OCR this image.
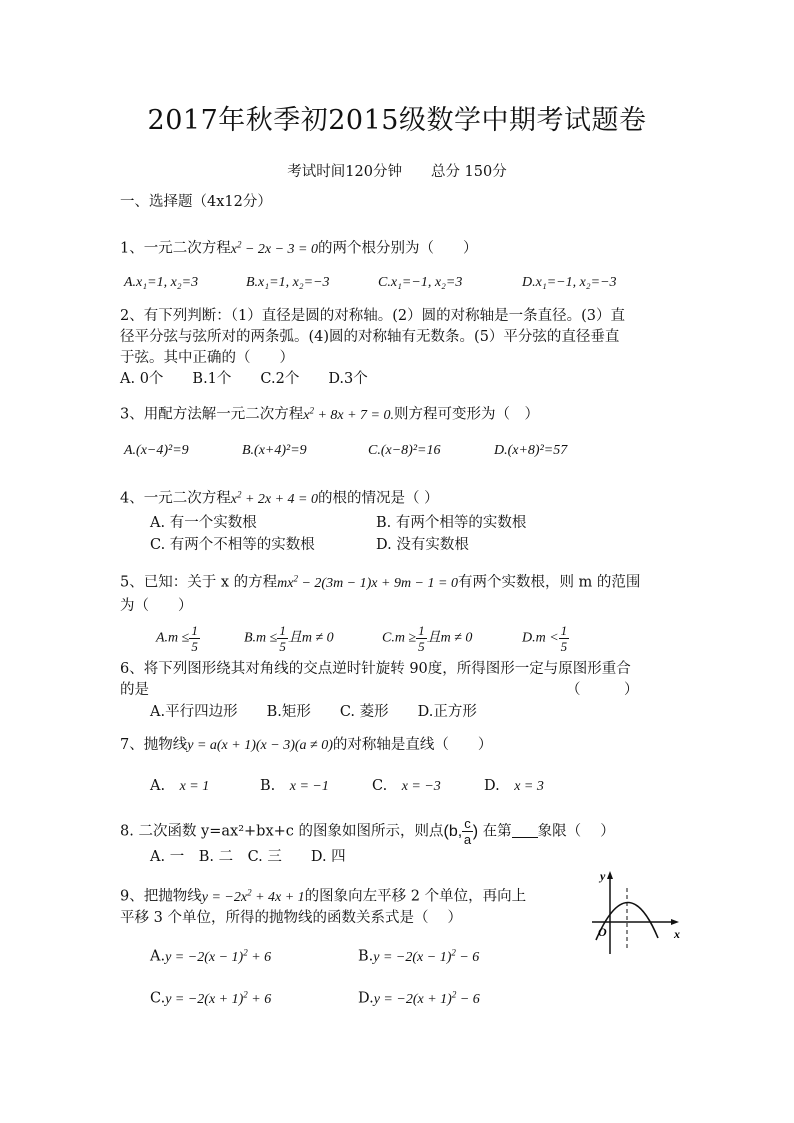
2017年秋季初2015级数学中期考试题卷
考试时间120分钟　　总分 150分
一、选择题（4x12分）
1、一元二次方程$x^2 - 2x - 3 = 0$的两个根分别为（　　）
A.x₁=1, x₂=3	B.x₁=1, x₂=−3	C.x₁=−1, x₂=3	D.x₁=−1, x₂=−3
2、有下列判断：（1）直径是圆的对称轴。(2）圆的对称轴是一条直径。(3）直
径平分弦与弦所对的两条弧。(4)圆的对称轴有无数条。(5）平分弦的直径垂直
于弦。其中正确的（　　）
A. 0个　　B.1个　　C.2个　　D.3个
3、用配方法解一元二次方程$x^2 + 8x + 7 = 0$.则方程可变形为（　）
A.(x−4)²=9	B.(x+4)²=9	C.(x−8)²=16	D.(x+8)²=57
4、一元二次方程$x^2 + 2x + 4 = 0$的根的情况是（ ）
A. 有一个实数根	B. 有两个相等的实数根
C. 有两个不相等的实数根	D. 没有实数根
5、已知：关于 x 的方程$mx^2 - 2(3m - 1)x + 9m - 1 = 0$有两个实数根，则 m 的范围
为（　　）
$A.m \le \frac{1}{5}$	$B.m \le \frac{1}{5}$ 且m ≠ 0	$C.m \ge \frac{1}{5}$ 且m ≠ 0	$D.m < \frac{1}{5}$
6、将下列图形绕其对角线的交点逆时针旋转 90度，所得图形一定与原图形重合
的是	（　　　）
A.平行四边形　　B.矩形　　C. 菱形　　D.正方形
7、抛物线y = a(x + 1)(x − 3)(a ≠ 0)的对称轴是直线（　　）
A.　 x = 1	B.　 x = −1	C.　 x = −3	D.　 x = 3
8. 二次函数 y=ax²+bx+c 的图象如图所示，则点(b, $\frac{c}{a}$ ) 在第 象限（　 ）
A. 一　B. 二　C. 三　　D. 四
9、把抛物线$y = -2x^2 + 4x + 1$的图象向左平移 2 个单位，再向上
平移 3 个单位，所得的抛物线的函数关系式是（　 ）
$A.y = -2(x - 1)^2 + 6$	$B.y = -2(x - 1)^2 - 6$
$C.y = -2(x + 1)^2 + 6$	$D.y = -2(x + 1)^2 - 6$
y
x
O
